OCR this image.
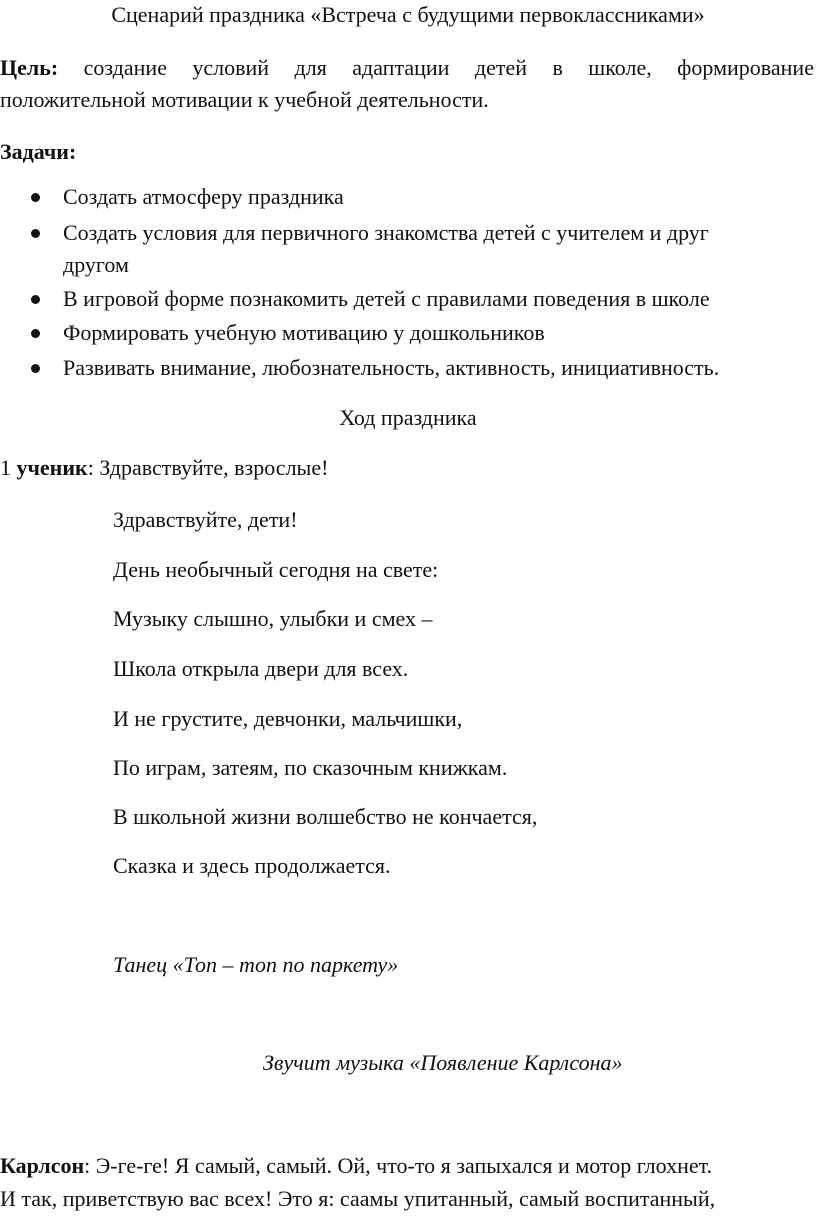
Сценарий праздника «Встреча с будущими первоклассниками»
Цель: создание условий для адаптации детей в школе, формирование
положительной мотивации к учебной деятельности.
Задачи:
Создать атмосферу праздника
Создать условия для первичного знакомства детей с учителем и друг
другом
В игровой форме познакомить детей с правилами поведения в школе
Формировать учебную мотивацию у дошкольников
Развивать внимание, любознательность, активность, инициативность.
Ход праздника
1 ученик: Здравствуйте, взрослые!
Здравствуйте, дети!
День необычный сегодня на свете:
Музыку слышно, улыбки и смех –
Школа открыла двери для всех.
И не грустите, девчонки, мальчишки,
По играм, затеям, по сказочным книжкам.
В школьной жизни волшебство не кончается,
Сказка и здесь продолжается.
Танец «Топ – топ по паркету»
Звучит музыка «Появление Карлсона»
Карлсон: Э-ге-ге! Я самый, самый. Ой, что-то я запыхался и мотор глохнет.
И так, приветствую вас всех! Это я: саамы упитанный, самый воспитанный,
